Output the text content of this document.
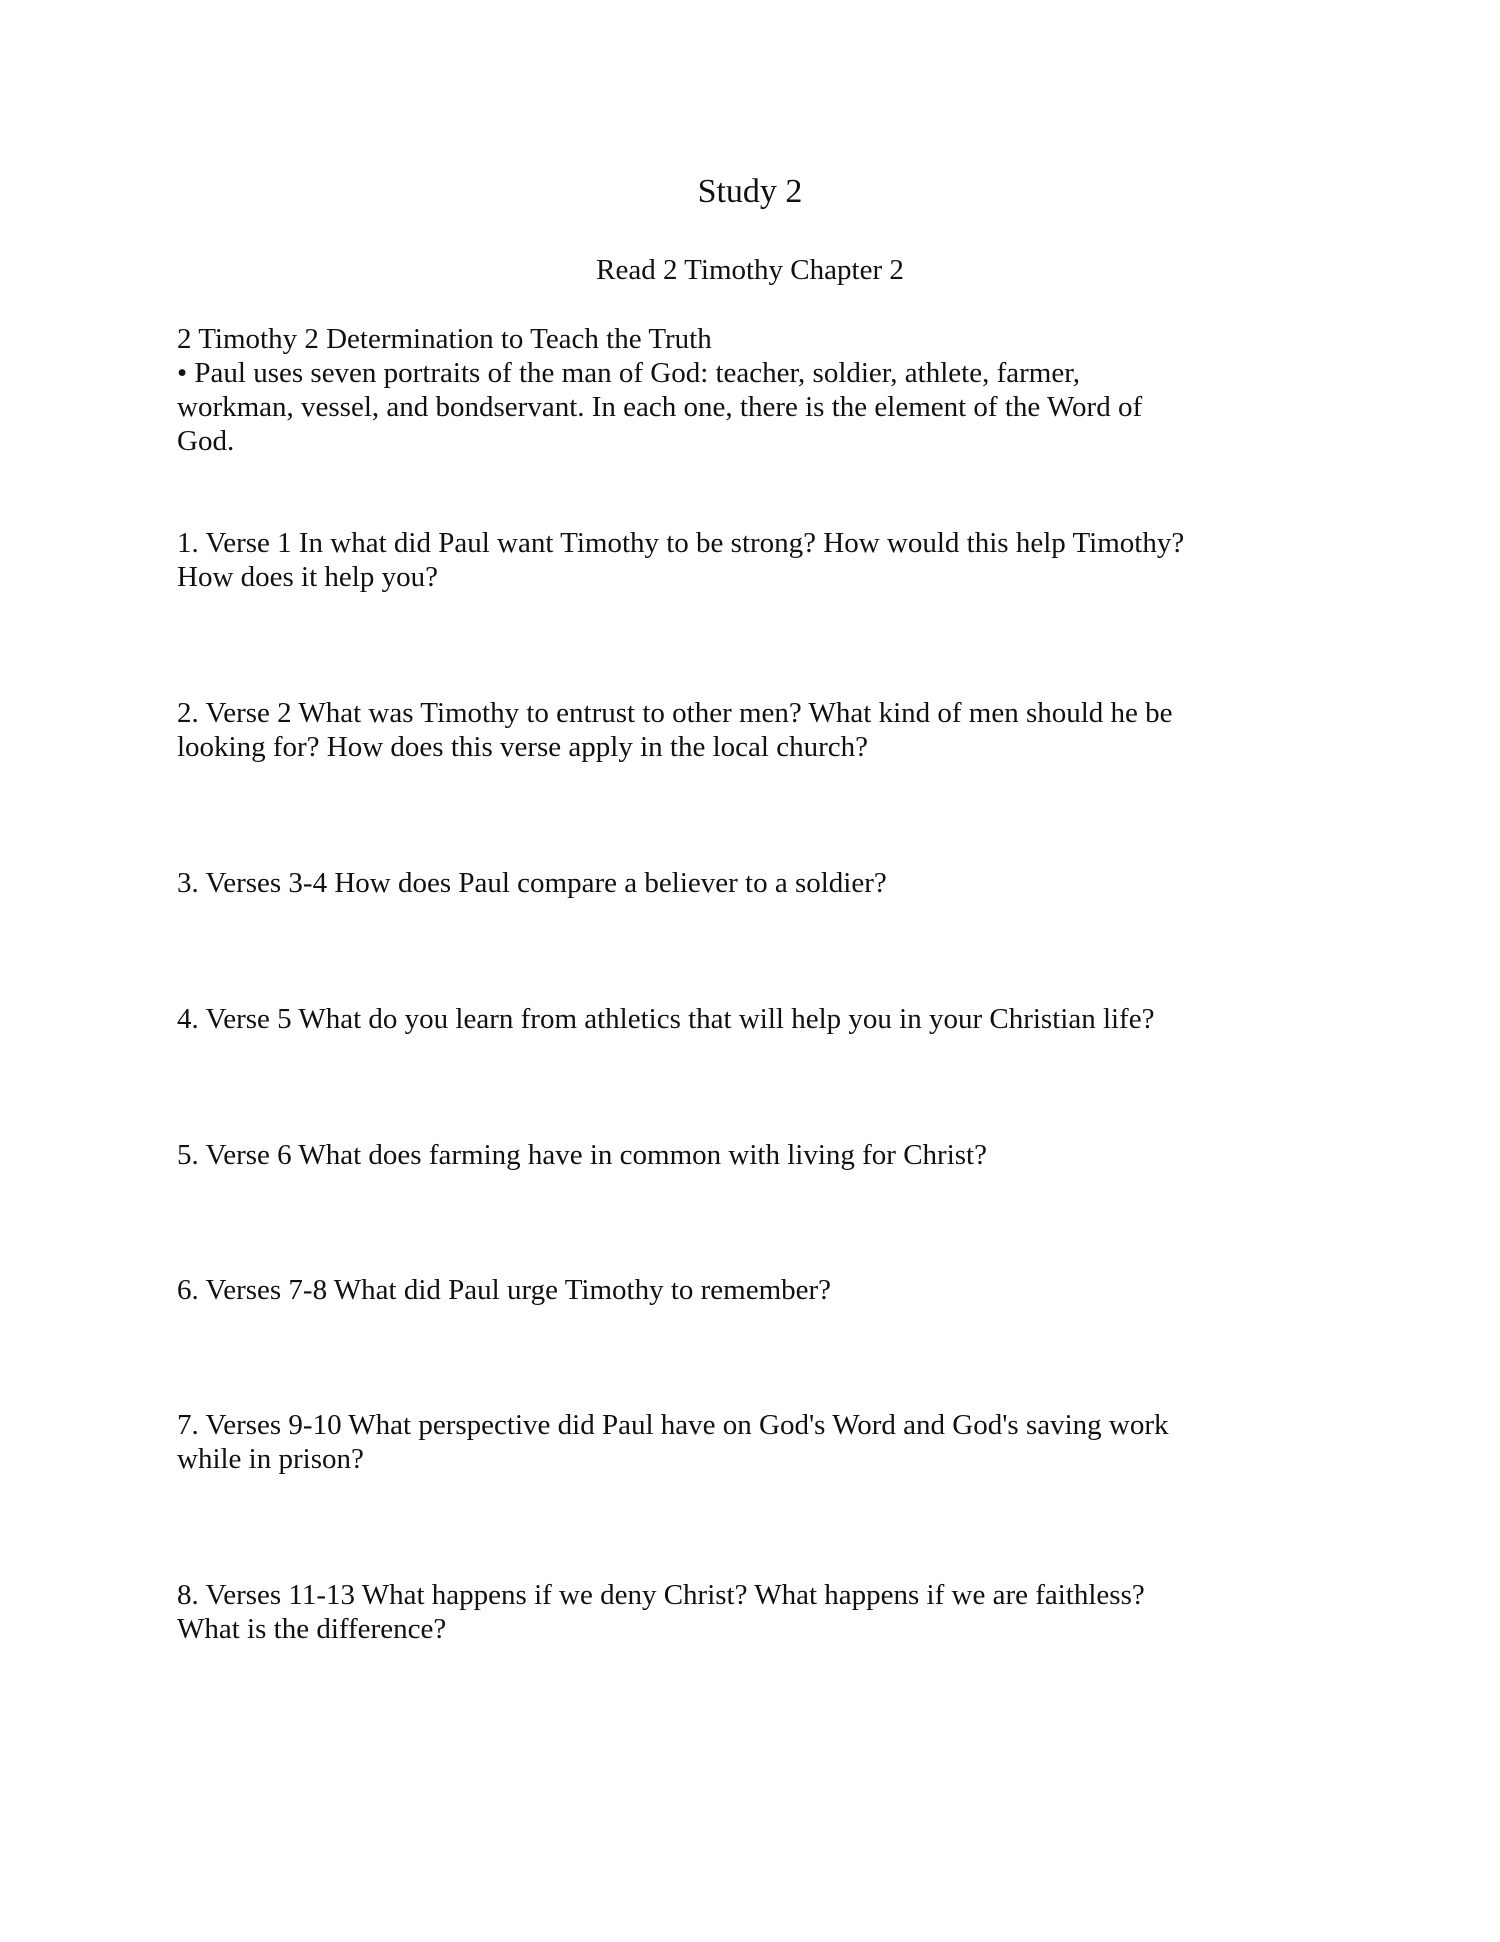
Study 2
Read 2 Timothy Chapter 2
2 Timothy 2 Determination to Teach the Truth
• Paul uses seven portraits of the man of God: teacher, soldier, athlete, farmer,
workman, vessel, and bondservant. In each one, there is the element of the Word of
God.
1. Verse 1 In what did Paul want Timothy to be strong? How would this help Timothy?
How does it help you?
2. Verse 2 What was Timothy to entrust to other men? What kind of men should he be
looking for? How does this verse apply in the local church?
3. Verses 3-4 How does Paul compare a believer to a soldier?
4. Verse 5 What do you learn from athletics that will help you in your Christian life?
5. Verse 6 What does farming have in common with living for Christ?
6. Verses 7-8 What did Paul urge Timothy to remember?
7. Verses 9-10 What perspective did Paul have on God's Word and God's saving work
while in prison?
8. Verses 11-13 What happens if we deny Christ? What happens if we are faithless?
What is the difference?
